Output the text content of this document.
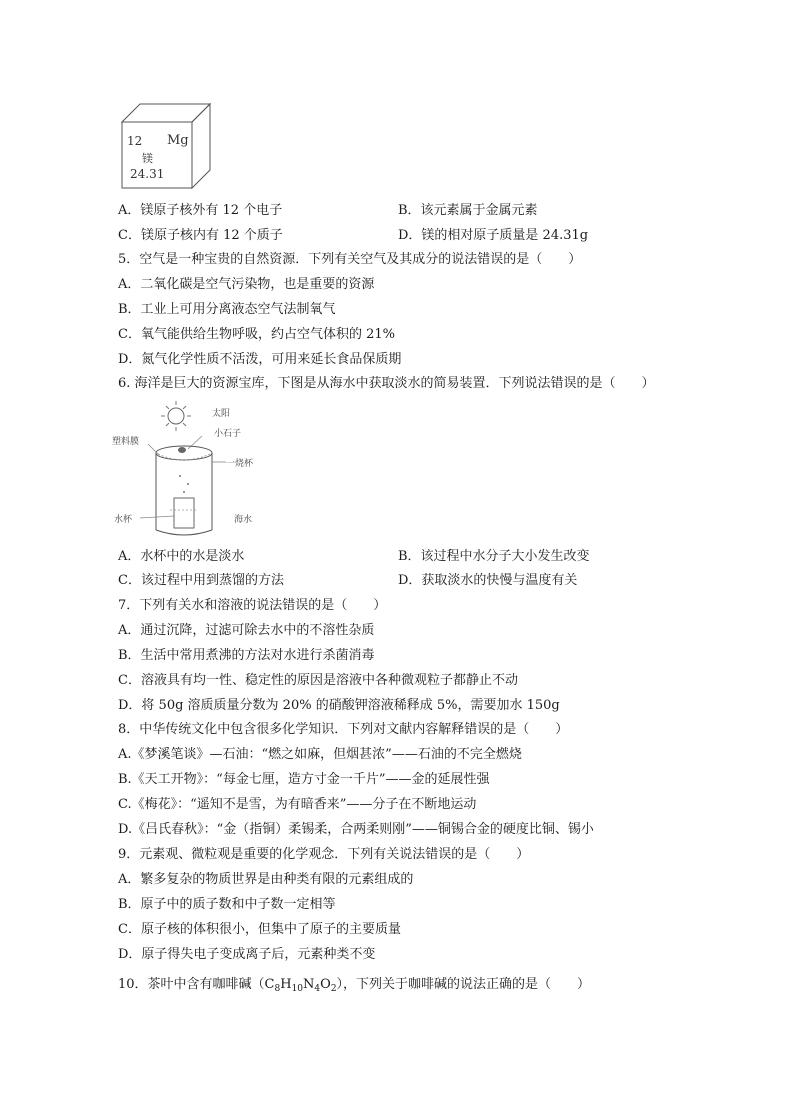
12 Mg
镁
24.31
A．镁原子核外有 12 个电子	B．该元素属于金属元素
C．镁原子核内有 12 个质子	D．镁的相对原子质量是 24.31g
5．空气是一种宝贵的自然资源．下列有关空气及其成分的说法错误的是（　　）
A．二氧化碳是空气污染物，也是重要的资源
B．工业上可用分离液态空气法制氧气
C．氧气能供给生物呼吸，约占空气体积的 21%
D．氮气化学性质不活泼，可用来延长食品保质期
6. 海洋是巨大的资源宝库，下图是从海水中获取淡水的简易装置．下列说法错误的是（　　）
太阳
小石子
塑料膜
一烧杯
水杯	海水
A．水杯中的水是淡水	B．该过程中水分子大小发生改变
C．该过程中用到蒸馏的方法	D．获取淡水的快慢与温度有关
7．下列有关水和溶液的说法错误的是（　　）
A．通过沉降，过滤可除去水中的不溶性杂质
B．生活中常用煮沸的方法对水进行杀菌消毒
C．溶液具有均一性、稳定性的原因是溶液中各种微观粒子都静止不动
D．将 50g 溶质质量分数为 20% 的硝酸钾溶液稀释成 5%，需要加水 150g
8．中华传统文化中包含很多化学知识．下列对文献内容解释错误的是（　　）
A.《梦溪笔谈》—石油：“燃之如麻，但烟甚浓”——石油的不完全燃烧
B.《天工开物》：“每金七厘，造方寸金一千片”——金的延展性强
C.《梅花》：“遥知不是雪，为有暗香来”——分子在不断地运动
D.《吕氏春秋》：“金（指铜）柔锡柔，合两柔则刚”——铜锡合金的硬度比铜、锡小
9．元素观、微粒观是重要的化学观念．下列有关说法错误的是（　　）
A．繁多复杂的物质世界是由种类有限的元素组成的
B．原子中的质子数和中子数一定相等
C．原子核的体积很小，但集中了原子的主要质量
D．原子得失电子变成离子后，元素种类不变
10．茶叶中含有咖啡碱$(C_8H_{10}N_4O_2)$，下列关于咖啡碱的说法正确的是（　　）
